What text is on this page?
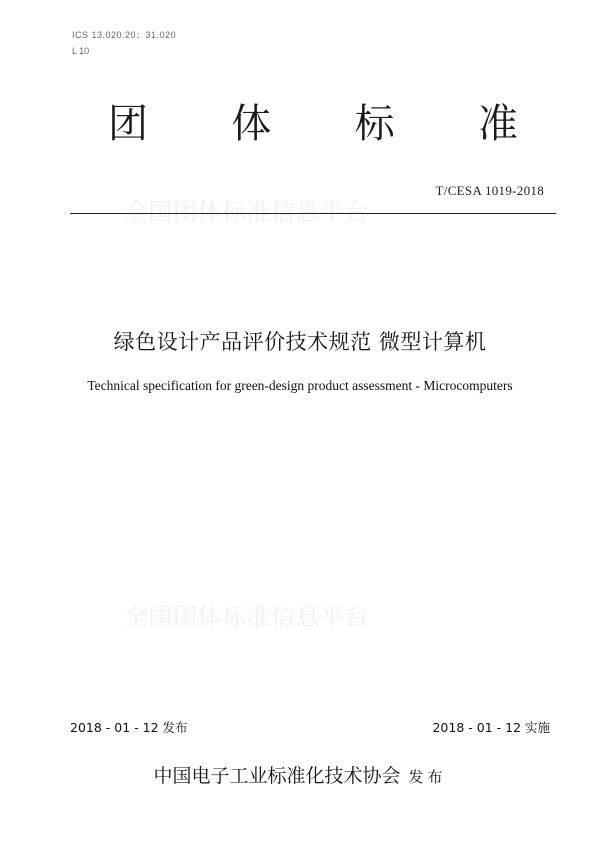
ICS 13.020.20；31.020
L 10
团 体 标 准
T/CESA 1019-2018
全国团体标准信息平台
全国团体标准信息平台
绿色设计产品评价技术规范 微型计算机
Technical specification for green-design product assessment - Microcomputers
2018 - 01 - 12 发布	2018 - 01 - 12 实施
中国电子工业标准化技术协会 发布
